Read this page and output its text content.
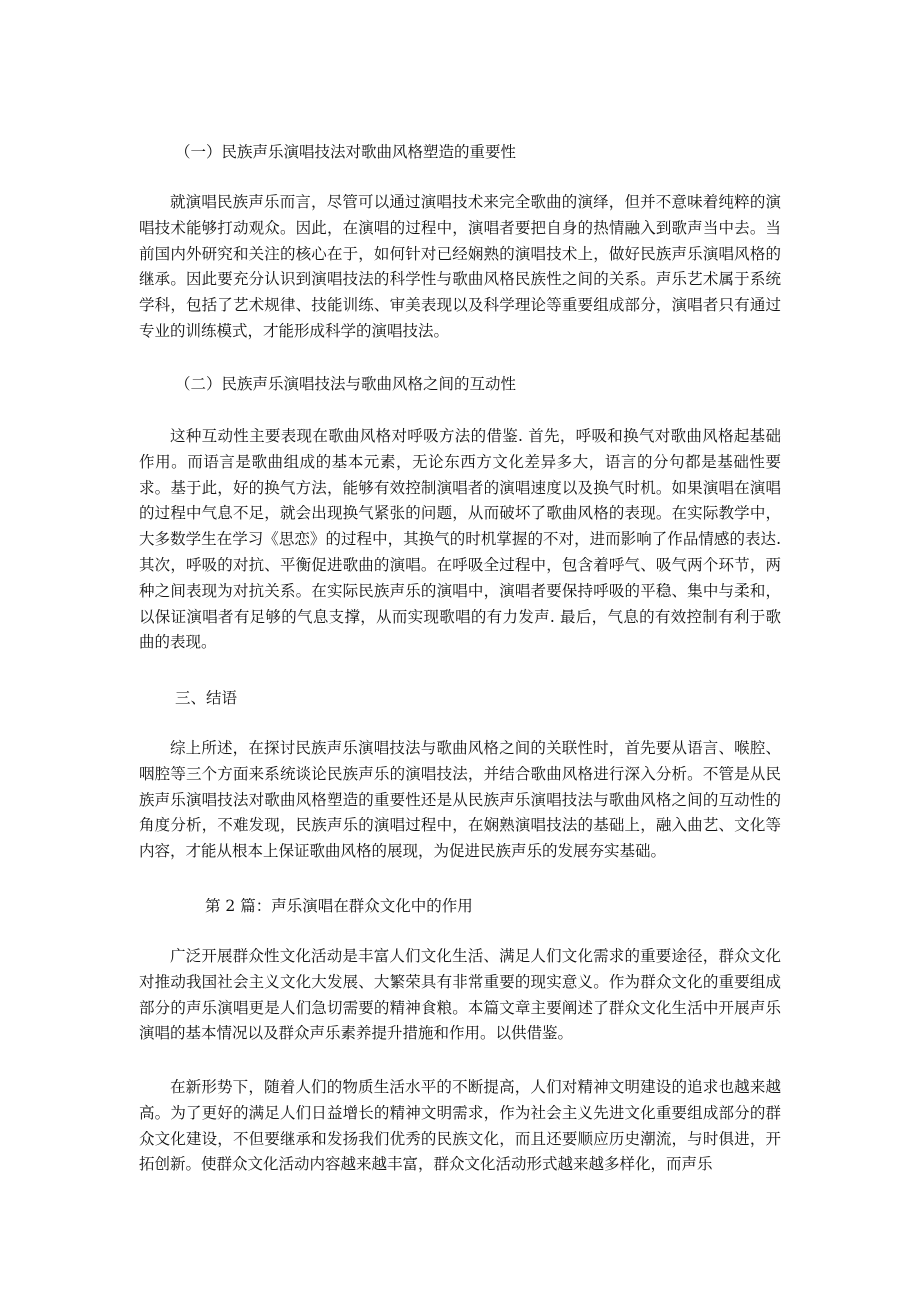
（一）民族声乐演唱技法对歌曲风格塑造的重要性

就演唱民族声乐而言，尽管可以通过演唱技术来完全歌曲的演绎，但并不意味着纯粹的演唱技术能够打动观众。因此，在演唱的过程中，演唱者要把自身的热情融入到歌声当中去。当前国内外研究和关注的核心在于，如何针对已经娴熟的演唱技术上，做好民族声乐演唱风格的继承。因此要充分认识到演唱技法的科学性与歌曲风格民族性之间的关系。声乐艺术属于系统学科，包括了艺术规律、技能训练、审美表现以及科学理论等重要组成部分，演唱者只有通过专业的训练模式，才能形成科学的演唱技法。

（二）民族声乐演唱技法与歌曲风格之间的互动性

这种互动性主要表现在歌曲风格对呼吸方法的借鉴. 首先，呼吸和换气对歌曲风格起基础作用。而语言是歌曲组成的基本元素，无论东西方文化差异多大，语言的分句都是基础性要求。基于此，好的换气方法，能够有效控制演唱者的演唱速度以及换气时机。如果演唱在演唱的过程中气息不足，就会出现换气紧张的问题，从而破坏了歌曲风格的表现。在实际教学中，大多数学生在学习《思恋》的过程中，其换气的时机掌握的不对，进而影响了作品情感的表达. 其次，呼吸的对抗、平衡促进歌曲的演唱。在呼吸全过程中，包含着呼气、吸气两个环节，两种之间表现为对抗关系。在实际民族声乐的演唱中，演唱者要保持呼吸的平稳、集中与柔和，以保证演唱者有足够的气息支撑，从而实现歌唱的有力发声. 最后，气息的有效控制有利于歌曲的表现。

三、结语

综上所述，在探讨民族声乐演唱技法与歌曲风格之间的关联性时，首先要从语言、喉腔、咽腔等三个方面来系统谈论民族声乐的演唱技法，并结合歌曲风格进行深入分析。不管是从民族声乐演唱技法对歌曲风格塑造的重要性还是从民族声乐演唱技法与歌曲风格之间的互动性的角度分析，不难发现，民族声乐的演唱过程中，在娴熟演唱技法的基础上，融入曲艺、文化等内容，才能从根本上保证歌曲风格的展现，为促进民族声乐的发展夯实基础。

第 2 篇：声乐演唱在群众文化中的作用

广泛开展群众性文化活动是丰富人们文化生活、满足人们文化需求的重要途径，群众文化对推动我国社会主义文化大发展、大繁荣具有非常重要的现实意义。作为群众文化的重要组成部分的声乐演唱更是人们急切需要的精神食粮。本篇文章主要阐述了群众文化生活中开展声乐演唱的基本情况以及群众声乐素养提升措施和作用。以供借鉴。

在新形势下，随着人们的物质生活水平的不断提高，人们对精神文明建设的追求也越来越高。为了更好的满足人们日益增长的精神文明需求，作为社会主义先进文化重要组成部分的群众文化建设，不但要继承和发扬我们优秀的民族文化，而且还要顺应历史潮流，与时俱进，开拓创新。使群众文化活动内容越来越丰富，群众文化活动形式越来越多样化，而声乐
